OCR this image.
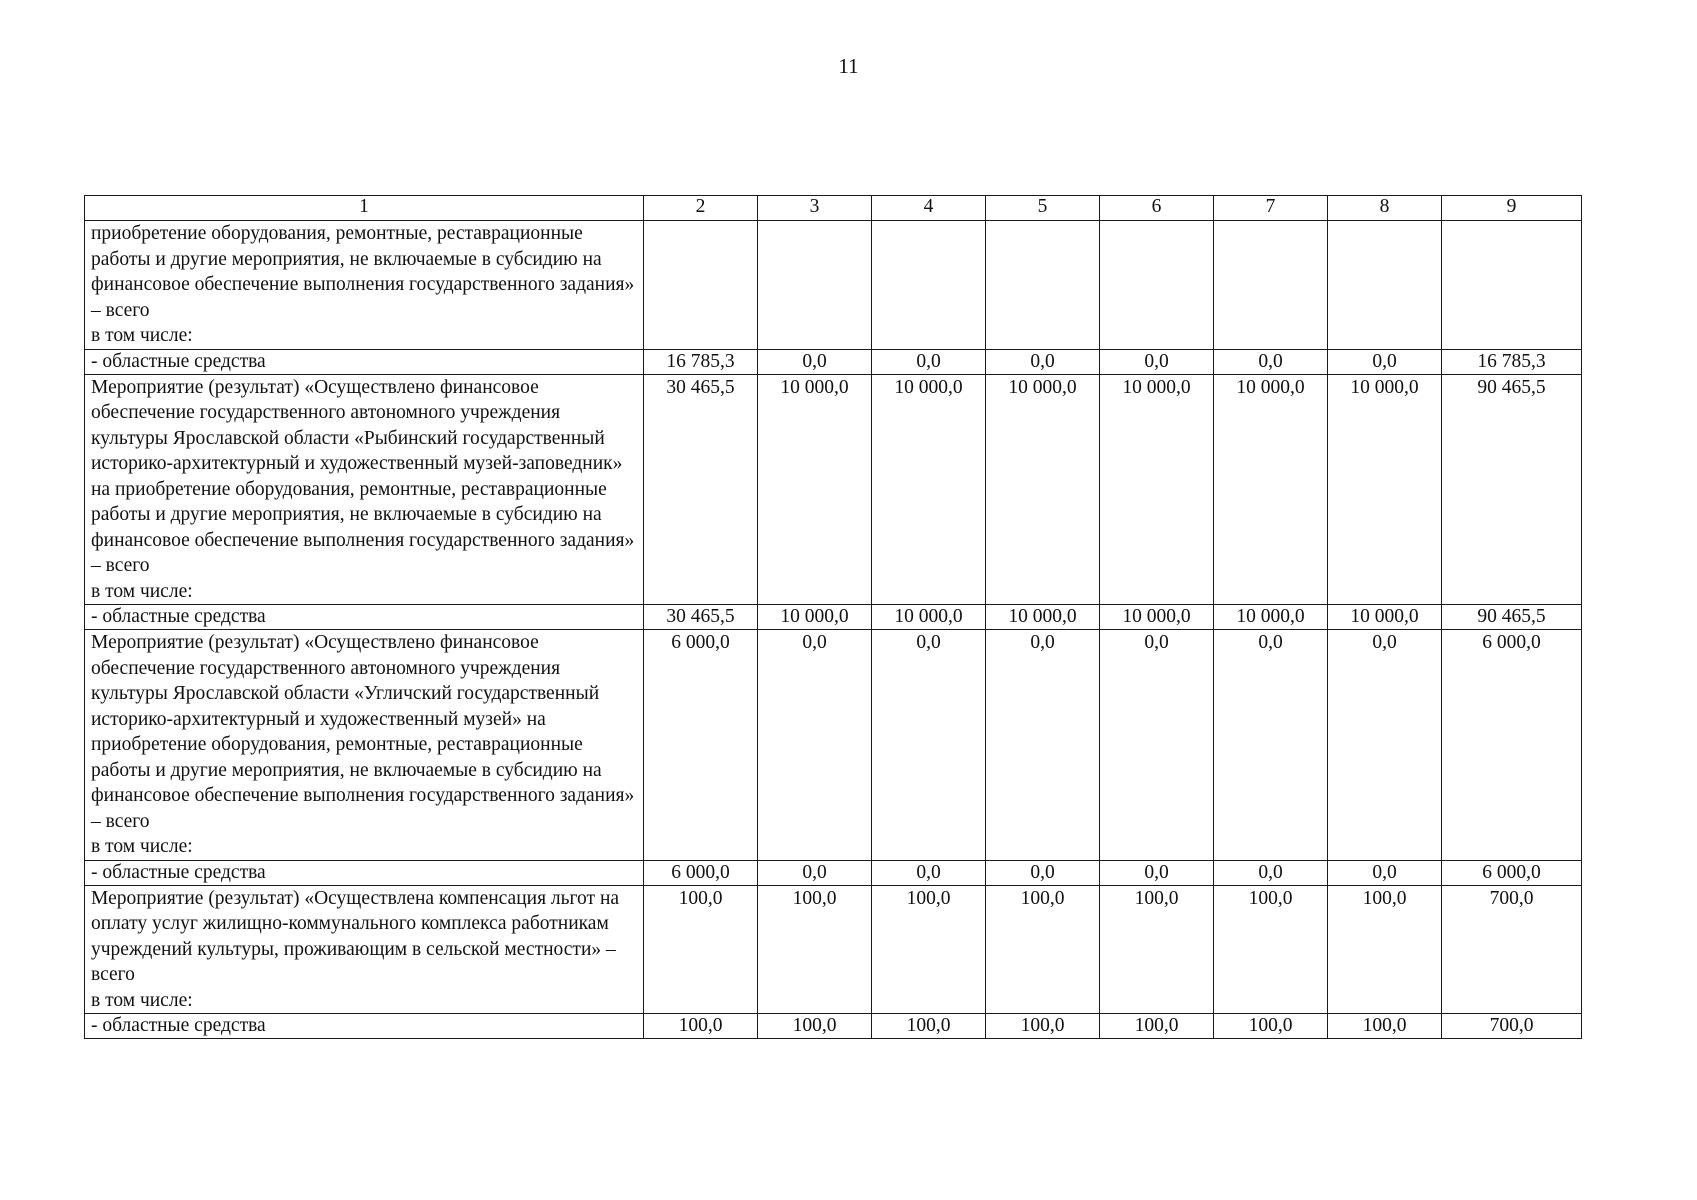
11
1	2	3	4	5	6	7	8	9

приобретение оборудования, ремонтные, реставрационные работы и другие мероприятия, не включаемые в субсидию на финансовое обеспечение выполнения государственного задания» – всего
в том числе:								

- областные средства	16 785,3	0,0	0,0	0,0	0,0	0,0	0,0	16 785,3

Мероприятие (результат) «Осуществлено финансовое обеспечение государственного автономного учреждения культуры Ярославской области «Рыбинский государственный историко-архитектурный и художественный музей-заповедник» на приобретение оборудования, ремонтные, реставрационные работы и другие мероприятия, не включаемые в субсидию на финансовое обеспечение выполнения государственного задания» – всего
в том числе:	30 465,5	10 000,0	10 000,0	10 000,0	10 000,0	10 000,0	10 000,0	90 465,5

- областные средства	30 465,5	10 000,0	10 000,0	10 000,0	10 000,0	10 000,0	10 000,0	90 465,5

Мероприятие (результат) «Осуществлено финансовое обеспечение государственного автономного учреждения культуры Ярославской области «Угличский государственный историко-архитектурный и художественный музей» на приобретение оборудования, ремонтные, реставрационные работы и другие мероприятия, не включаемые в субсидию на финансовое обеспечение выполнения государственного задания» – всего
в том числе:	6 000,0	0,0	0,0	0,0	0,0	0,0	0,0	6 000,0

- областные средства	6 000,0	0,0	0,0	0,0	0,0	0,0	0,0	6 000,0

Мероприятие (результат) «Осуществлена компенсация льгот на оплату услуг жилищно-коммунального комплекса работникам учреждений культуры, проживающим в сельской местности» – всего
в том числе:	100,0	100,0	100,0	100,0	100,0	100,0	100,0	700,0

- областные средства	100,0	100,0	100,0	100,0	100,0	100,0	100,0	700,0
